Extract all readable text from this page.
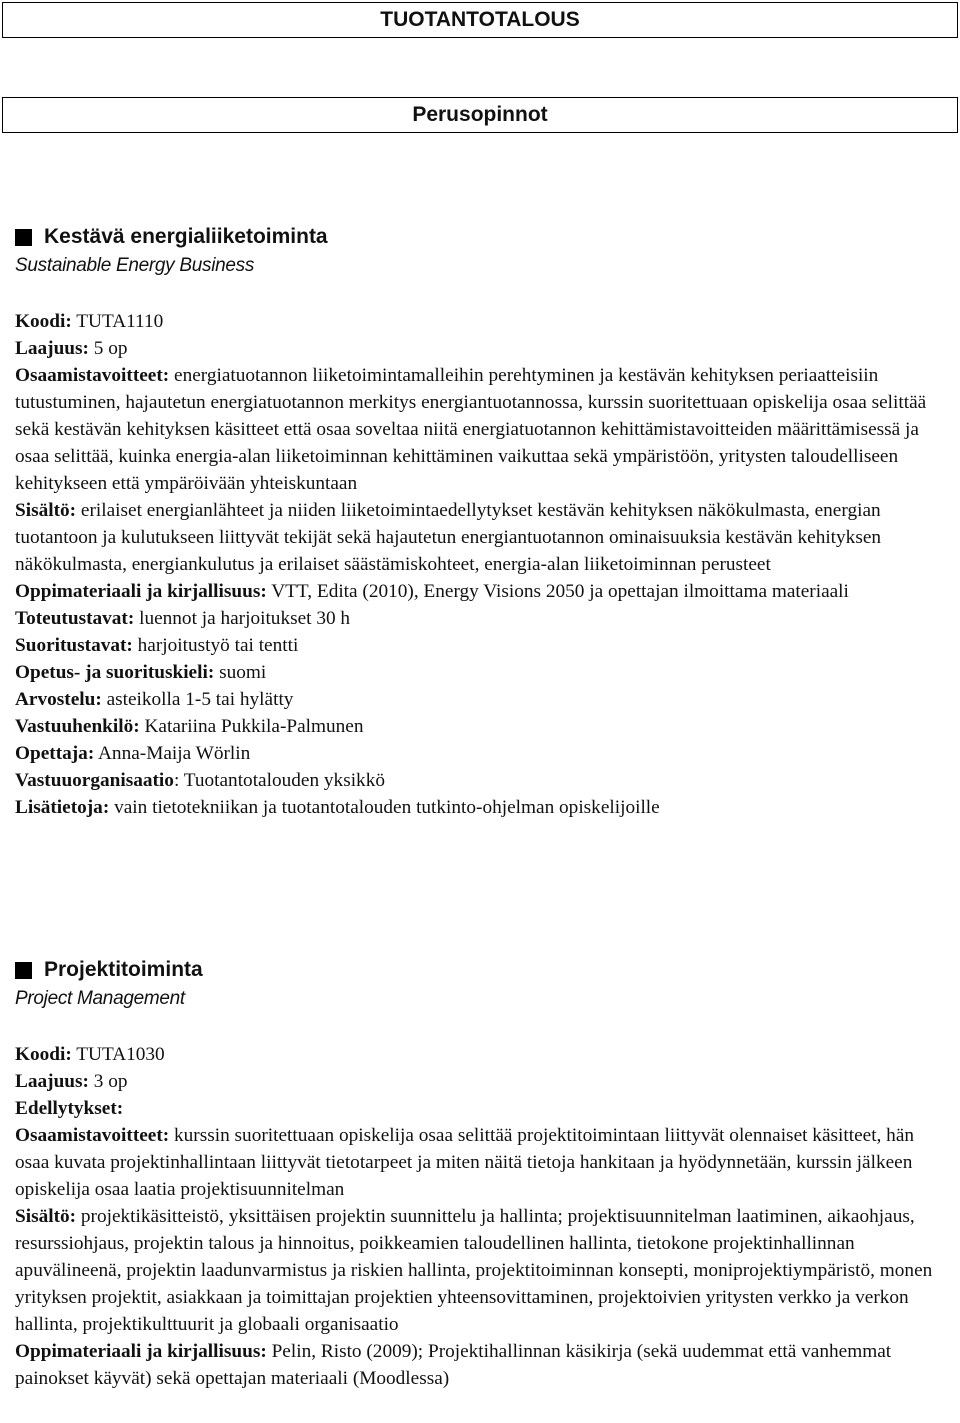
TUOTANTOTALOUS
Perusopinnot
Kestävä energialiiketoiminta
Sustainable Energy Business

Koodi: TUTA1110

Laajuus: 5 op

Osaamistavoitteet: energiatuotannon liiketoimintamalleihin perehtyminen ja kestävän kehityksen periaatteisiin tutustuminen, hajautetun energiatuotannon merkitys energiantuotannossa, kurssin suoritettuaan opiskelija osaa selittää sekä kestävän kehityksen käsitteet että osaa soveltaa niitä energiatuotannon kehittämistavoitteiden määrittämisessä ja osaa selittää, kuinka energia-alan liiketoiminnan kehittäminen vaikuttaa sekä ympäristöön, yritysten taloudelliseen kehitykseen että ympäröivään yhteiskuntaan

Sisältö: erilaiset energianlähteet ja niiden liiketoimintaedellytykset kestävän kehityksen näkökulmasta, energian tuotantoon ja kulutukseen liittyvät tekijät sekä hajautetun energiantuotannon ominaisuuksia kestävän kehityksen näkökulmasta, energiankulutus ja erilaiset säästämiskohteet, energia-alan liiketoiminnan perusteet

Oppimateriaali ja kirjallisuus: VTT, Edita (2010), Energy Visions 2050 ja opettajan ilmoittama materiaali

Toteutustavat: luennot ja harjoitukset 30 h

Suoritustavat: harjoitustyö tai tentti

Opetus- ja suorituskieli: suomi

Arvostelu: asteikolla 1-5 tai hylätty

Vastuuhenkilö: Katariina Pukkila-Palmunen

Opettaja: Anna-Maija Wörlin

Vastuuorganisaatio: Tuotantotalouden yksikkö

Lisätietoja: vain tietotekniikan ja tuotantotalouden tutkinto-ohjelman opiskelijoille

Projektitoiminta
Project Management

Koodi: TUTA1030

Laajuus: 3 op

Edellytykset:

Osaamistavoitteet: kurssin suoritettuaan opiskelija osaa selittää projektitoimintaan liittyvät olennaiset käsitteet, hän osaa kuvata projektinhallintaan liittyvät tietotarpeet ja miten näitä tietoja hankitaan ja hyödynnetään, kurssin jälkeen opiskelija osaa laatia projektisuunnitelman

Sisältö: projektikäsitteistö, yksittäisen projektin suunnittelu ja hallinta; projektisuunnitelman laatiminen, aikaohjaus, resurssiohjaus, projektin talous ja hinnoitus, poikkeamien taloudellinen hallinta, tietokone projektinhallinnan apuvälineenä, projektin laadunvarmistus ja riskien hallinta, projektitoiminnan konsepti, moniprojektiympäristö, monen yrityksen projektit, asiakkaan ja toimittajan projektien yhteensovittaminen, projektoivien yritysten verkko ja verkon hallinta, projektikulttuurit ja globaali organisaatio

Oppimateriaali ja kirjallisuus: Pelin, Risto (2009); Projektihallinnan käsikirja (sekä uudemmat että vanhemmat painokset käyvät) sekä opettajan materiaali (Moodlessa)
